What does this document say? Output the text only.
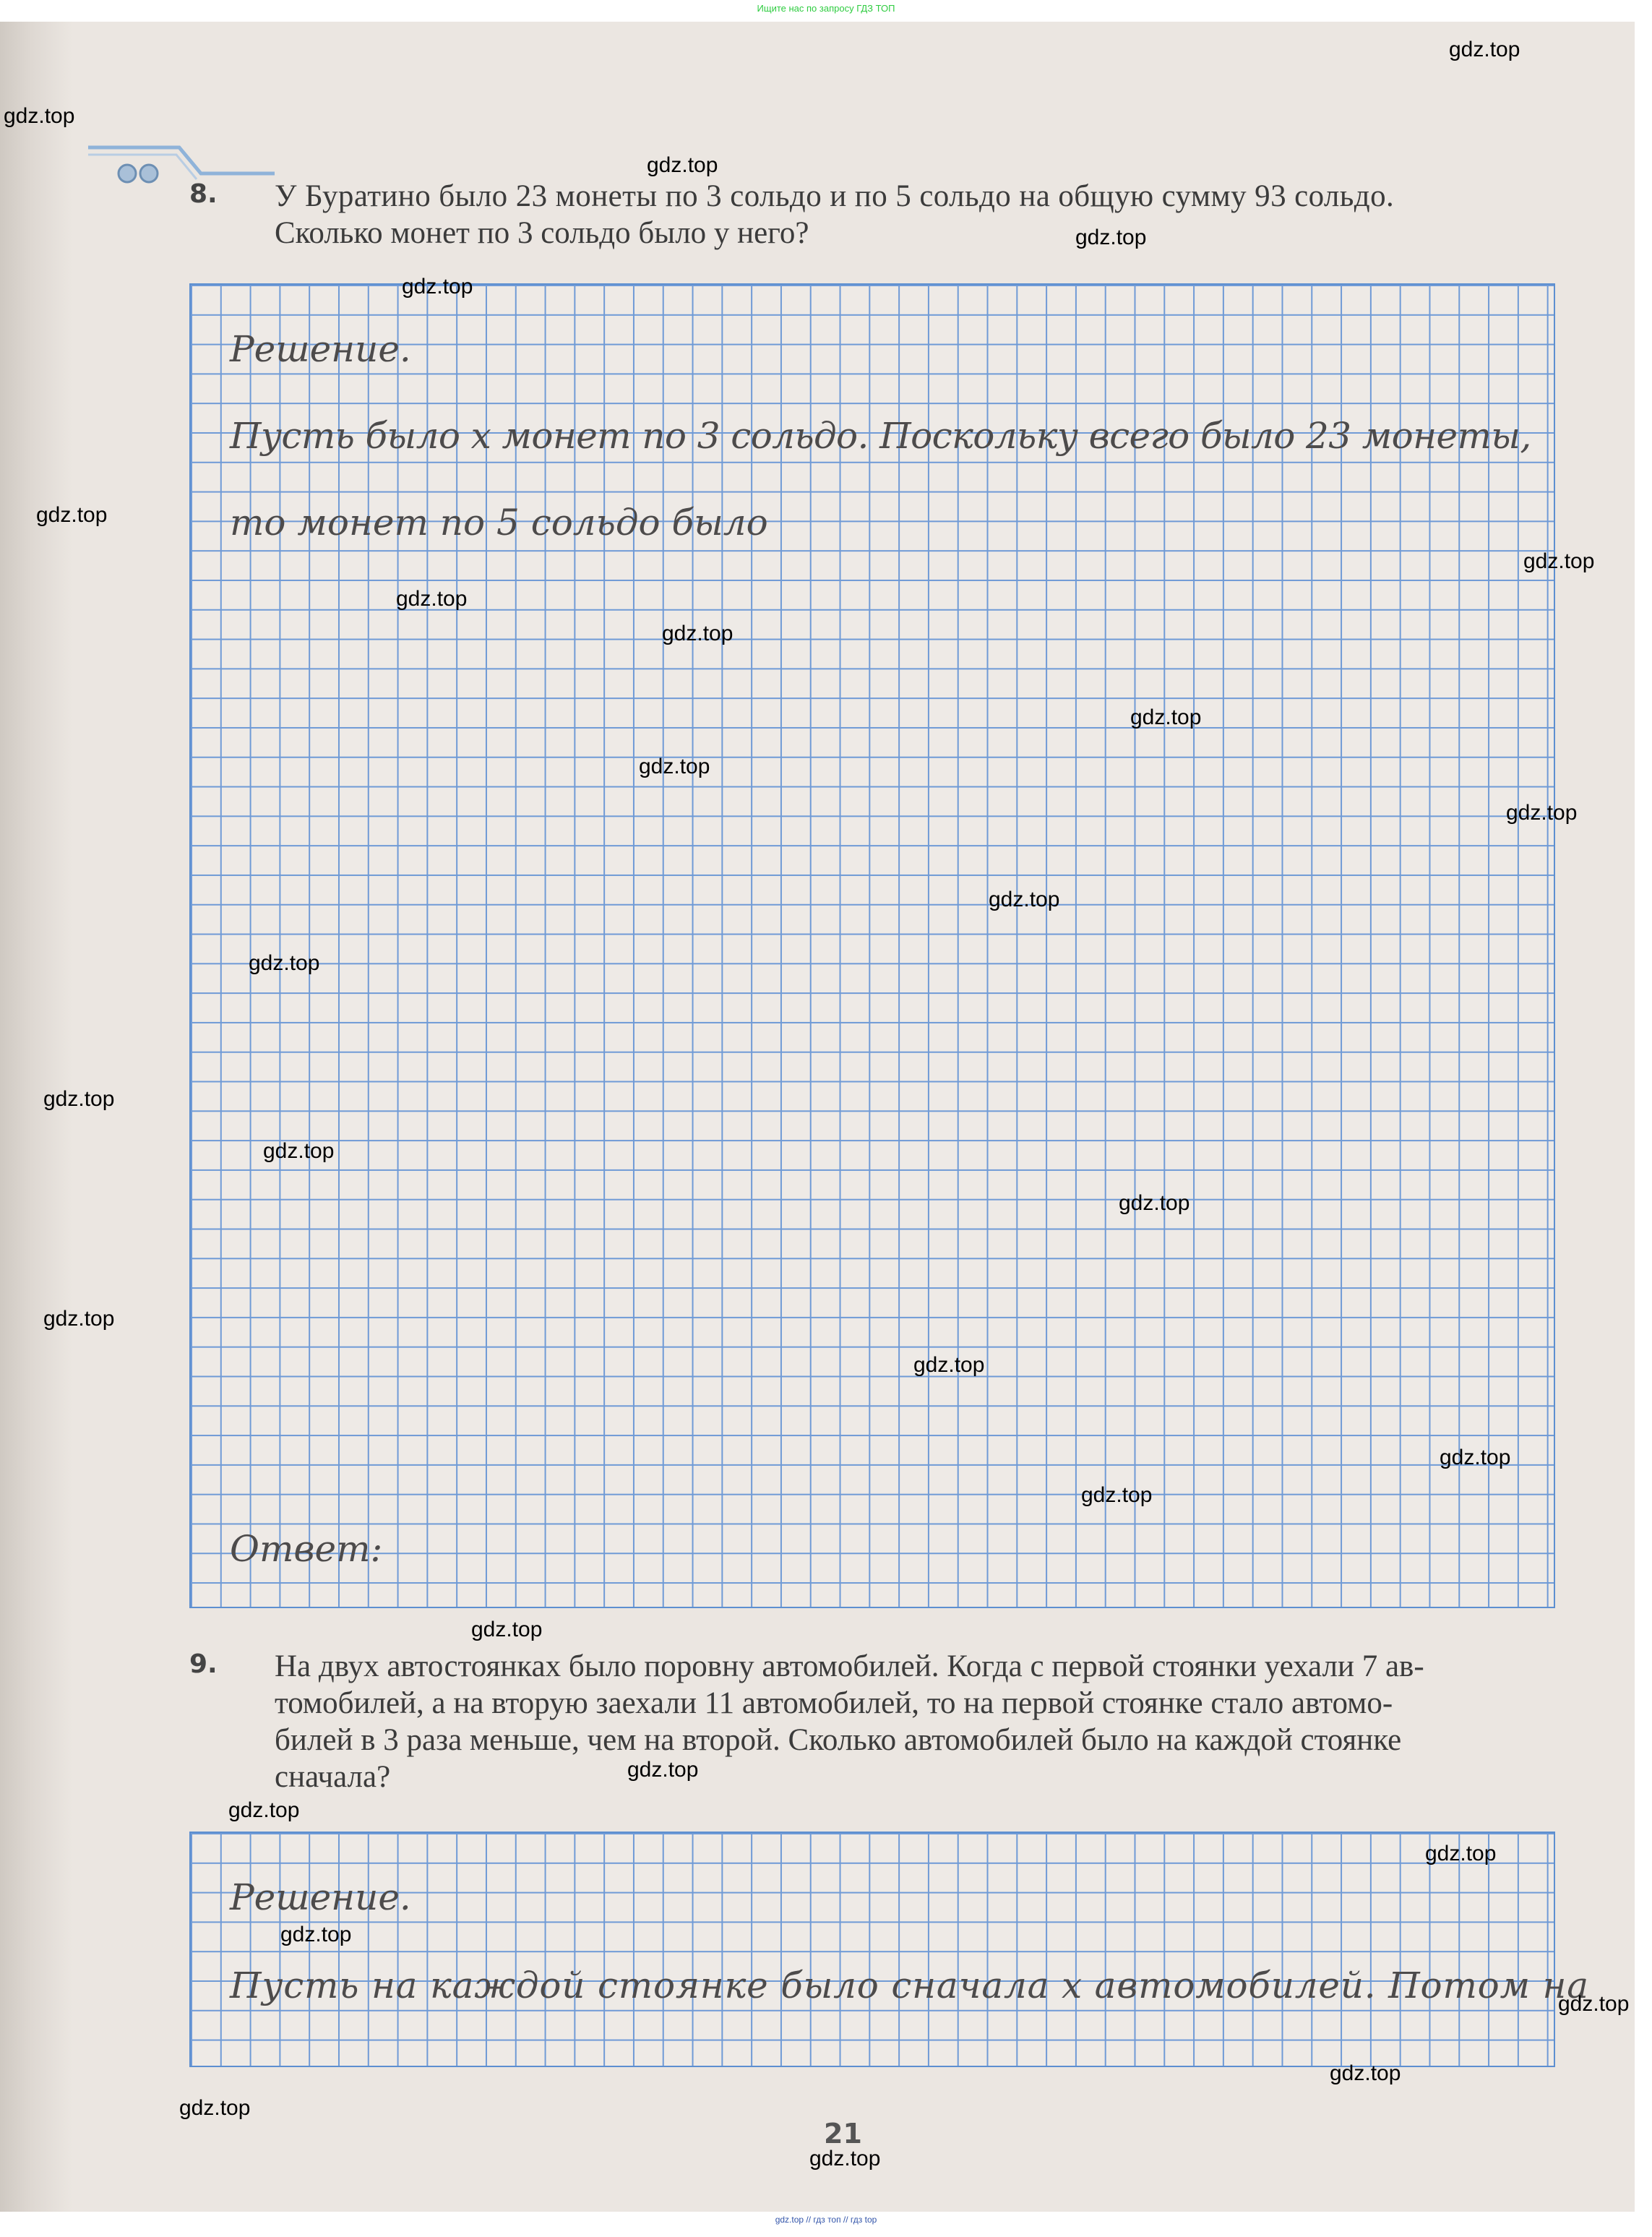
Ищите нас по запросу ГДЗ ТОП
8. У Буратино было 23 монеты по 3 сольдо и по 5 сольдо на общую сумму 93 сольдо.
Сколько монет по 3 сольдо было у него?
Решение.
Пусть было x монет по 3 сольдо. Поскольку всего было 23 монеты,
то монет по 5 сольдо было
Ответ:
9. На двух автостоянках было поровну автомобилей. Когда с первой стоянки уехали 7 ав-
томобилей, а на вторую заехали 11 автомобилей, то на первой стоянке стало автомо-
билей в 3 раза меньше, чем на второй. Сколько автомобилей было на каждой стоянке
сначала?
Решение.
Пусть на каждой стоянке было сначала x автомобилей. Потом на
21
gdz.top
gdz.top
gdz.top
gdz.top
gdz.top
gdz.top
gdz.top
gdz.top
gdz.top
gdz.top
gdz.top
gdz.top
gdz.top
gdz.top
gdz.top
gdz.top
gdz.top
gdz.top
gdz.top
gdz.top
gdz.top
gdz.top
gdz.top
gdz.top
gdz.top
gdz.top
gdz.top
gdz.top
gdz.top
gdz.top
gdz.top // гдз топ // гдз top
